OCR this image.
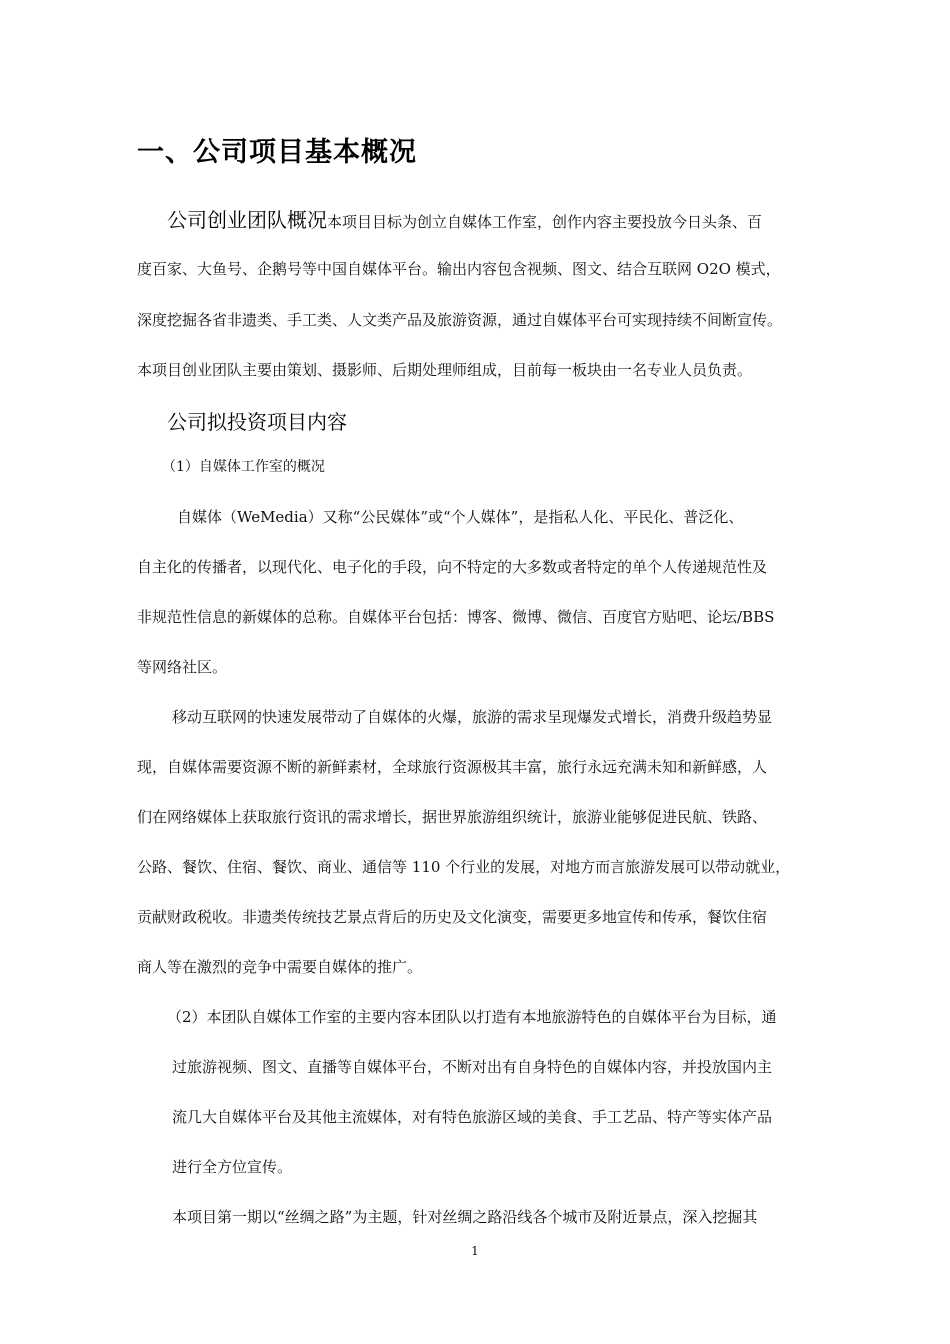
一、公司项目基本概况
公司创业团队概况本项目目标为创立自媒体工作室，创作内容主要投放今日头条、百
度百家、大鱼号、企鹅号等中国自媒体平台。输出内容包含视频、图文、结合互联网 O2O 模式，
深度挖掘各省非遗类、手工类、人文类产品及旅游资源，通过自媒体平台可实现持续不间断宣传。
本项目创业团队主要由策划、摄影师、后期处理师组成，目前每一板块由一名专业人员负责。
公司拟投资项目内容
（1）自媒体工作室的概况
自媒体（WeMedia）又称“公民媒体”或“个人媒体”，是指私人化、平民化、普泛化、
自主化的传播者，以现代化、电子化的手段，向不特定的大多数或者特定的单个人传递规范性及
非规范性信息的新媒体的总称。自媒体平台包括：博客、微博、微信、百度官方贴吧、论坛/BBS
等网络社区。
移动互联网的快速发展带动了自媒体的火爆，旅游的需求呈现爆发式增长，消费升级趋势显
现，自媒体需要资源不断的新鲜素材，全球旅行资源极其丰富，旅行永远充满未知和新鲜感，人
们在网络媒体上获取旅行资讯的需求增长，据世界旅游组织统计，旅游业能够促进民航、铁路、
公路、餐饮、住宿、餐饮、商业、通信等 110 个行业的发展，对地方而言旅游发展可以带动就业，
贡献财政税收。非遗类传统技艺景点背后的历史及文化演变，需要更多地宣传和传承，餐饮住宿
商人等在激烈的竞争中需要自媒体的推广。
（2）本团队自媒体工作室的主要内容本团队以打造有本地旅游特色的自媒体平台为目标，通
过旅游视频、图文、直播等自媒体平台，不断对出有自身特色的自媒体内容，并投放国内主
流几大自媒体平台及其他主流媒体，对有特色旅游区域的美食、手工艺品、特产等实体产品
进行全方位宣传。
本项目第一期以“丝绸之路”为主题，针对丝绸之路沿线各个城市及附近景点，深入挖掘其
1
